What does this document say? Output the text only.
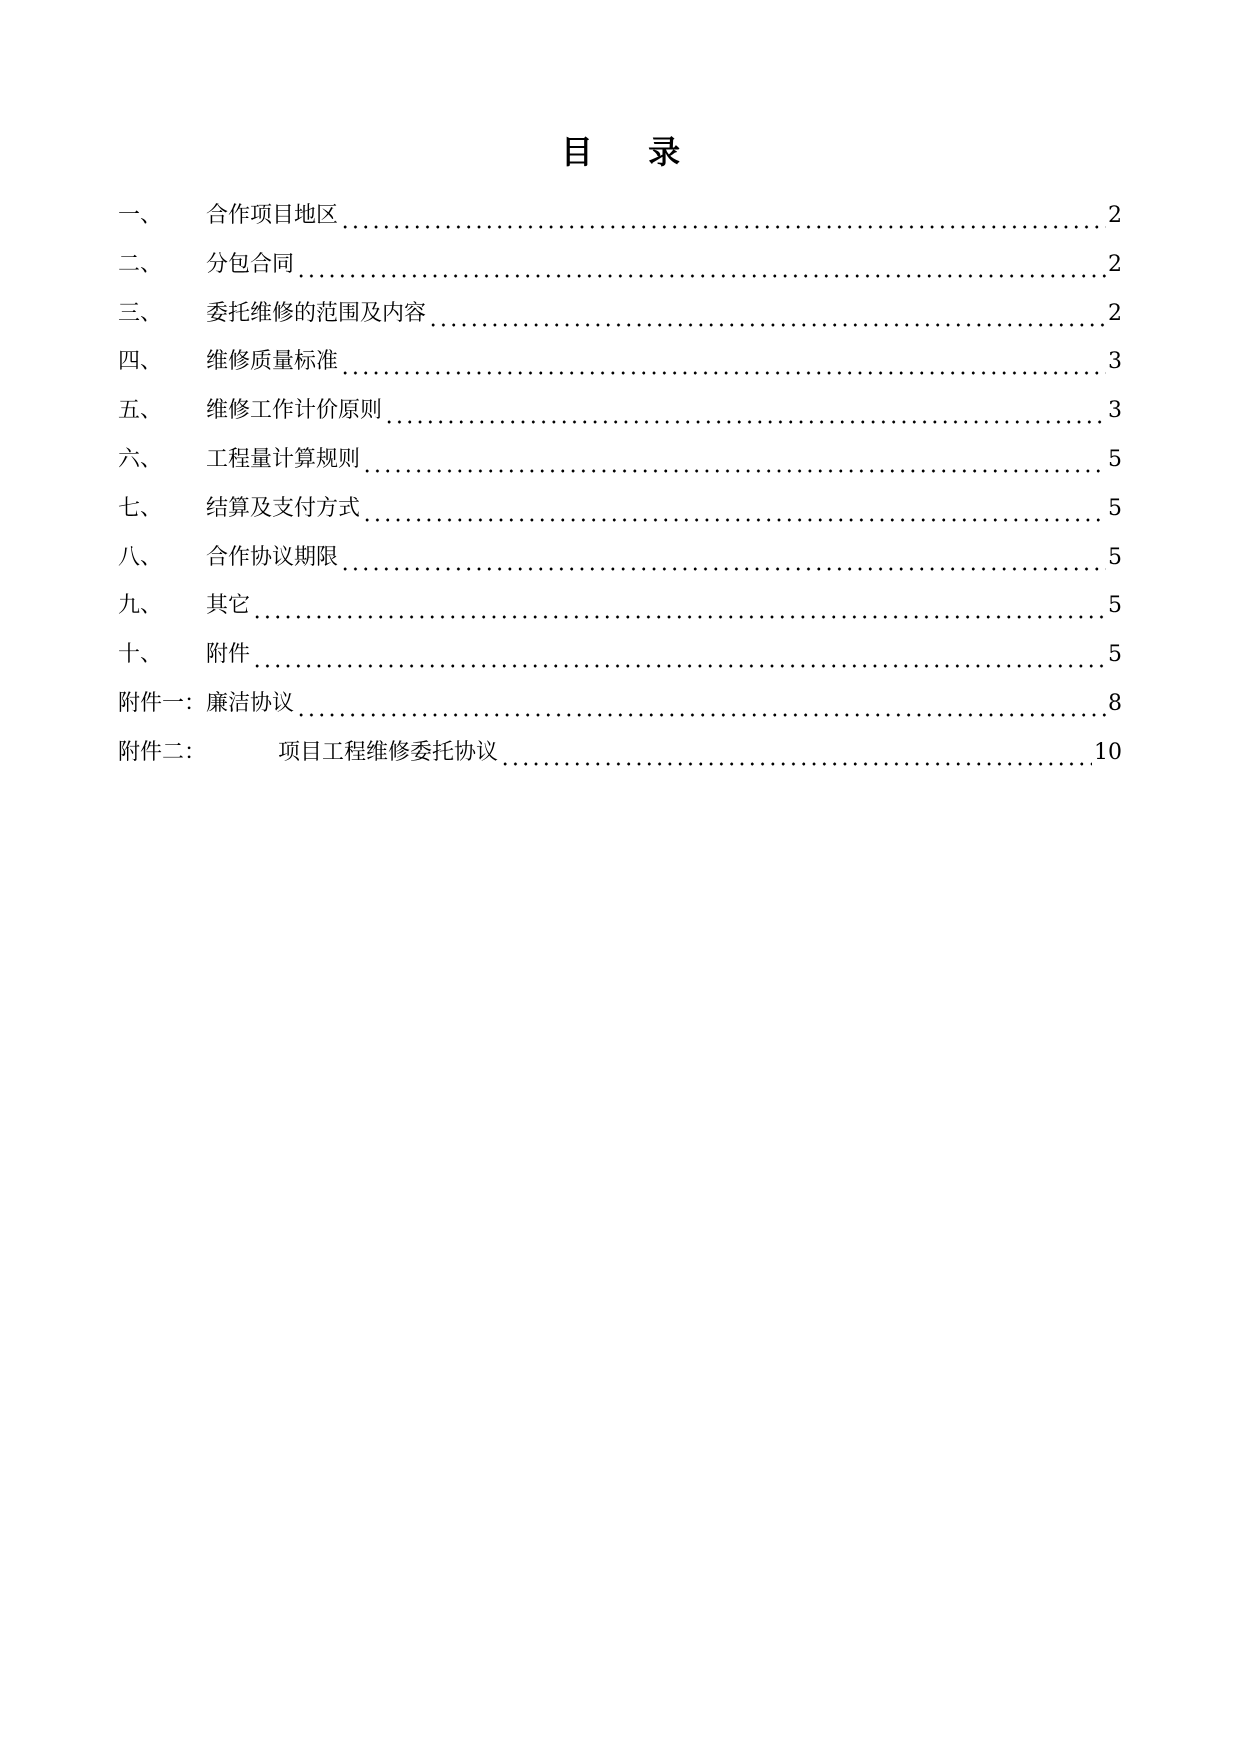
目 录
一、	合作项目地区	2
二、	分包合同	2
三、	委托维修的范围及内容	2
四、	维修质量标准	3
五、	维修工作计价原则	3
六、	工程量计算规则	5
七、	结算及支付方式	5
八、	合作协议期限	5
九、	其它	5
十、	附件	5
附件一： 廉洁协议	8
附件二：	项目工程维修委托协议	10
